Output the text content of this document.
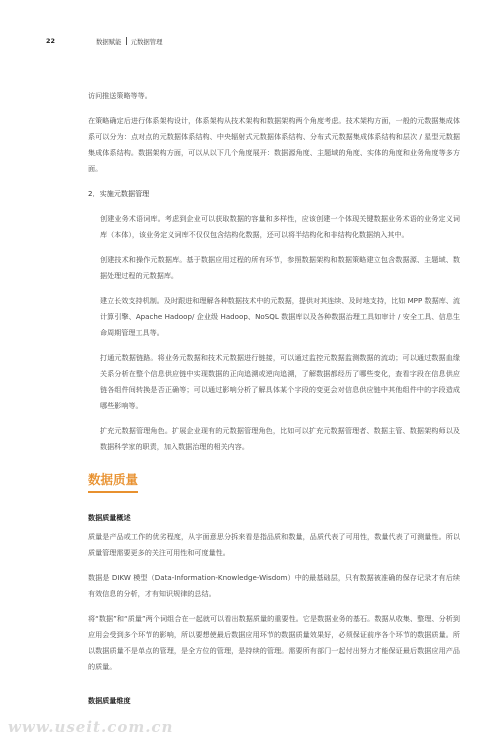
22	数据赋能 元数据管理

访问推送策略等等。

在策略确定后进行体系架构设计，体系架构从技术架构和数据架构两个角度考虑。技术架构方面，一般的元数据集成体系可以分为：点对点的元数据体系结构、中央辐射式元数据体系结构、分布式元数据集成体系结构和层次 / 星型元数据集成体系结构。数据架构方面，可以从以下几个角度展开：数据源角度、主题域的角度、实体的角度和业务角度等多方面。

2．实施元数据管理

创建业务术语词库。考虑到企业可以获取数据的容量和多样性，应该创建一个体现关键数据业务术语的业务定义词库（本体），该业务定义词库不仅仅包含结构化数据，还可以将半结构化和非结构化数据纳入其中。

创建技术和操作元数据库。基于数据应用过程的所有环节，参照数据架构和数据策略建立包含数据源、主题域、数据处理过程的元数据库。

建立长效支持机制。及时跟进和理解各种数据技术中的元数据，提供对其连续、及时地支持，比如 MPP 数据库、流计算引擎、Apache Hadoop/ 企业级 Hadoop、NoSQL 数据库以及各种数据治理工具如审计 / 安全工具、信息生命周期管理工具等。

打通元数据链路。将业务元数据和技术元数据进行链接，可以通过监控元数据监测数据的流动；可以通过数据血缘关系分析在整个信息供应链中实现数据的正向追溯或逆向追溯，了解数据都经历了哪些变化，查看字段在信息供应链各组件间转换是否正确等；可以通过影响分析了解具体某个字段的变更会对信息供应链中其他组件中的字段造成哪些影响等。

扩充元数据管理角色。扩展企业现有的元数据管理角色，比如可以扩充元数据管理者、数据主管、数据架构师以及数据科学家的职责，加入数据治理的相关内容。

数据质量

数据质量概述

质量是产品或工作的优劣程度，从字面意思分拆来看是指品质和数量，品质代表了可用性，数量代表了可测量性。所以质量管理需要更多的关注可用性和可度量性。

数据是 DIKW 模型（Data-Information-Knowledge-Wisdom）中的最基础层，只有数据被准确的保存记录才有后续有效信息的分析，才有知识规律的总结。

将“数据”和“质量”两个词组合在一起就可以看出数据质量的重要性。它是数据业务的基石。数据从收集、整理、分析到应用会受到多个环节的影响，所以要想使最后数据应用环节的数据质量效果好，必须保证前序各个环节的数据质量。所以数据质量不是单点的管理，是全方位的管理，是持续的管理。需要所有部门一起付出努力才能保证最后数据应用产品的质量。

数据质量维度

www.useit.com.cn
